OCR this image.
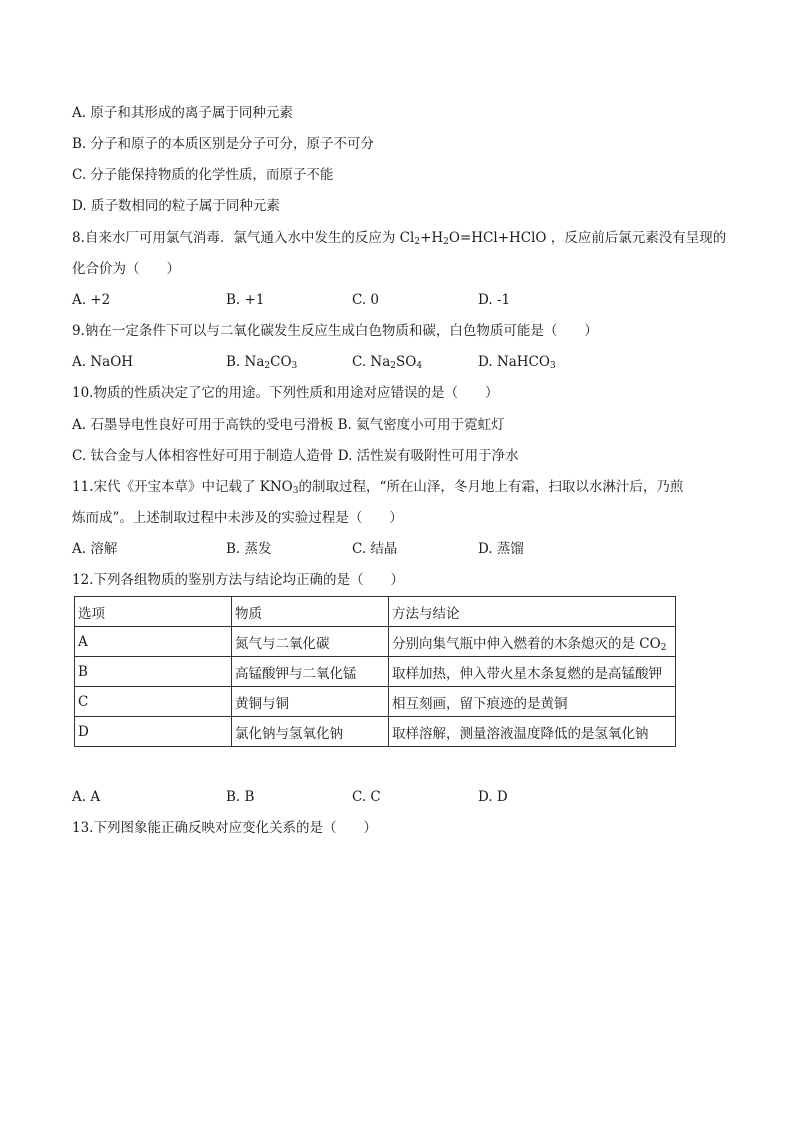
A. 原子和其形成的离子属于同种元素
B. 分子和原子的本质区别是分子可分，原子不可分
C. 分子能保持物质的化学性质，而原子不能
D. 质子数相同的粒子属于同种元素
8.自来水厂可用氯气消毒．氯气通入水中发生的反应为 $Cl_2+H_2O=HCl+HClO$ ，反应前后氯元素没有呈现的
化合价为（　　）
A. +2	B. +1	C. 0	D. -1
9.钠在一定条件下可以与二氧化碳发生反应生成白色物质和碳，白色物质可能是（　　）
A. NaOH	B. $Na_2CO_3$	C. $Na_2SO_4$	D. NaHCO$_3$
10.物质的性质决定了它的用途。下列性质和用途对应错误的是（　　）
A. 石墨导电性良好可用于高铁的受电弓滑板 B. 氦气密度小可用于霓虹灯
C. 钛合金与人体相容性好可用于制造人造骨 D. 活性炭有吸附性可用于净水
11.宋代《开宝本草》中记载了 $KNO_3$的制取过程，“所在山泽，冬月地上有霜，扫取以水淋汁后，乃煎
炼而成”。上述制取过程中未涉及的实验过程是（　　）
A. 溶解	B. 蒸发	C. 结晶	D. 蒸馏
12.下列各组物质的鉴别方法与结论均正确的是（　　）
选项	物质	方法与结论
A	氮气与二氧化碳	分别向集气瓶中伸入燃着的木条熄灭的是 $CO_2$
B	高锰酸钾与二氧化锰	取样加热，伸入带火星木条复燃的是高锰酸钾
C	黄铜与铜	相互刻画，留下痕迹的是黄铜
D	氯化钠与氢氧化钠	取样溶解，测量溶液温度降低的是氢氧化钠
A. A	B. B	C. C	D. D
13.下列图象能正确反映对应变化关系的是（　　）
